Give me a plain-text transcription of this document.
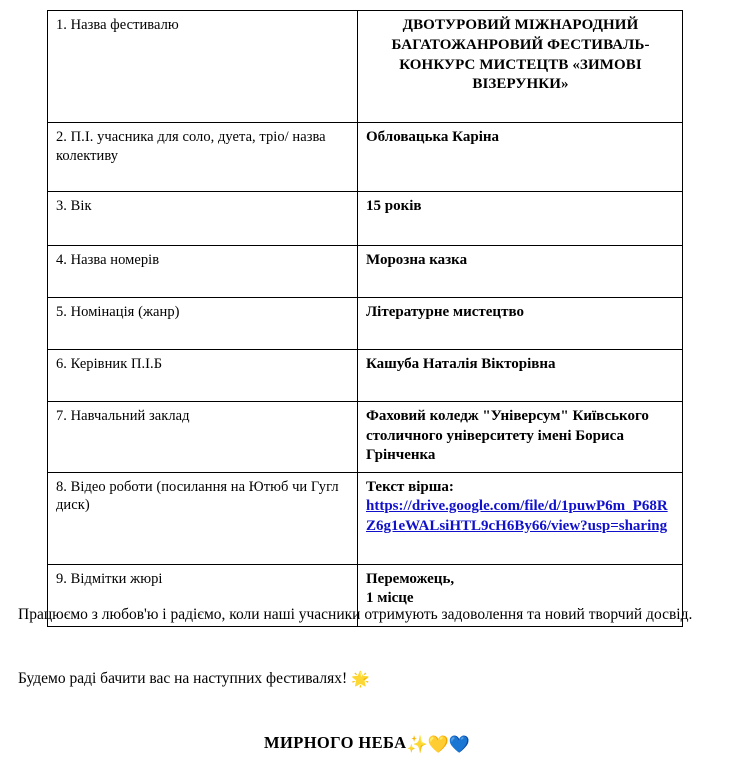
1. Назва фестивалю	ДВОТУРОВИЙ МІЖНАРОДНИЙ БАГАТОЖАНРОВИЙ ФЕСТИВАЛЬ-КОНКУРС МИСТЕЦТВ «ЗИМОВІ ВІЗЕРУНКИ»

2. П.І. учасника для соло, дуета, тріо/ назва колективу	Обловацька Каріна

3. Вік	15 років

4. Назва номерів	Морозна казка

5. Номінація (жанр)	Літературне мистецтво

6. Керівник П.І.Б	Кашуба Наталія Вікторівна

7. Навчальний заклад	Фаховий коледж "Універсум" Київського столичного університету імені Бориса Грінченка

8. Відео роботи (посилання на Ютюб чи Гугл диск)	Текст вірша:
https://drive.google.com/file/d/1puwP6m_P68RZ6g1eWALsiHTL9cH6By66/view?usp=sharing

9. Відмітки жюрі	Переможець,
1 місце
Працюємо з любов'ю і радіємо, коли наші учасники отримують задоволення та новий творчий досвід.
Будемо раді бачити вас на наступних фестивалях! 🌟
МИРНОГО НЕБА✨💛💙
